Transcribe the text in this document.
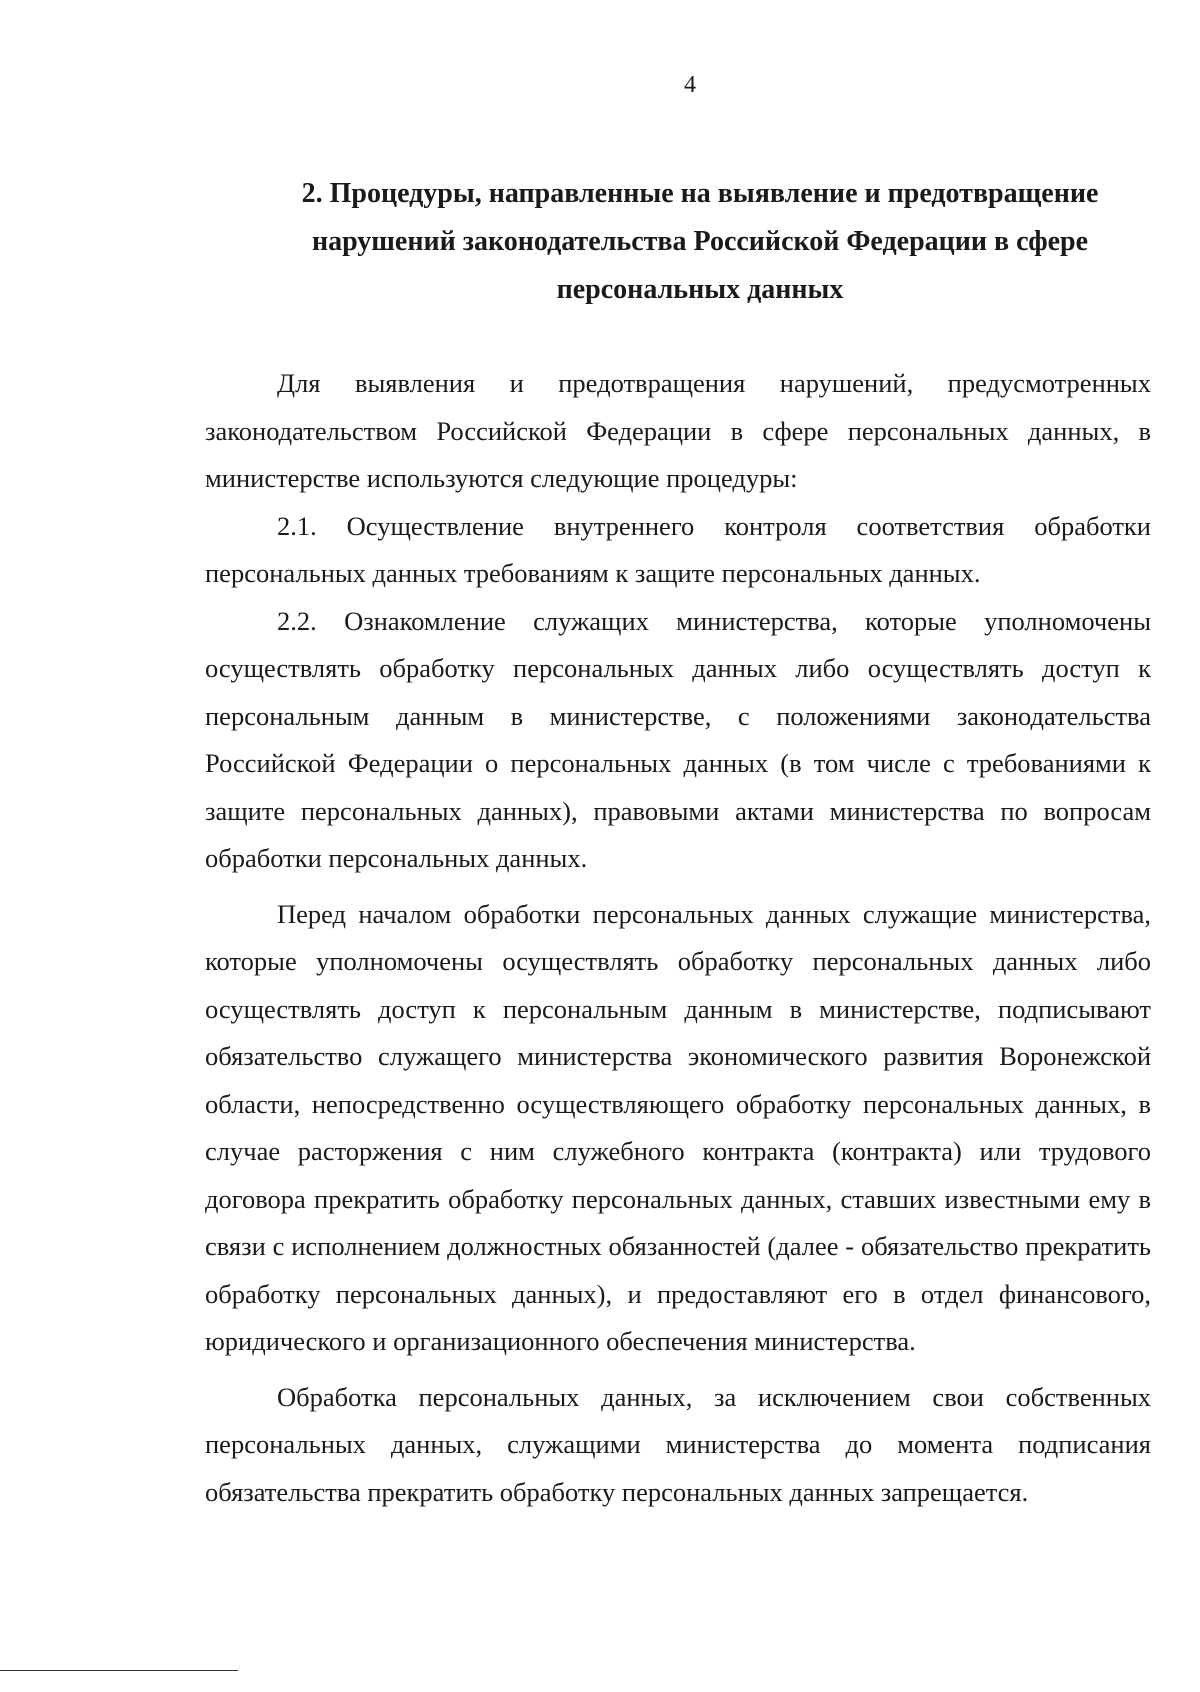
4
2. Процедуры, направленные на выявление и предотвращение
нарушений законодательства Российской Федерации в сфере
персональных данных

Для выявления и предотвращения нарушений, предусмотренных законодательством Российской Федерации в сфере персональных данных, в министерстве используются следующие процедуры:

2.1. Осуществление внутреннего контроля соответствия обработки персональных данных требованиям к защите персональных данных.

2.2. Ознакомление служащих министерства, которые уполномочены осуществлять обработку персональных данных либо осуществлять доступ к персональным данным в министерстве, с положениями законодательства Российской Федерации о персональных данных (в том числе с требованиями к защите персональных данных), правовыми актами министерства по вопросам обработки персональных данных.

Перед началом обработки персональных данных служащие министерства, которые уполномочены осуществлять обработку персональных данных либо осуществлять доступ к персональным данным в министерстве, подписывают обязательство служащего министерства экономического развития Воронежской области, непосредственно осуществляющего обработку персональных данных, в случае расторжения с ним служебного контракта (контракта) или трудового договора прекратить обработку персональных данных, ставших известными ему в связи с исполнением должностных обязанностей (далее - обязательство прекратить обработку персональных данных), и предоставляют его в отдел финансового, юридического и организационного обеспечения министерства.

Обработка персональных данных, за исключением свои собственных персональных данных, служащими министерства до момента подписания обязательства прекратить обработку персональных данных запрещается.
